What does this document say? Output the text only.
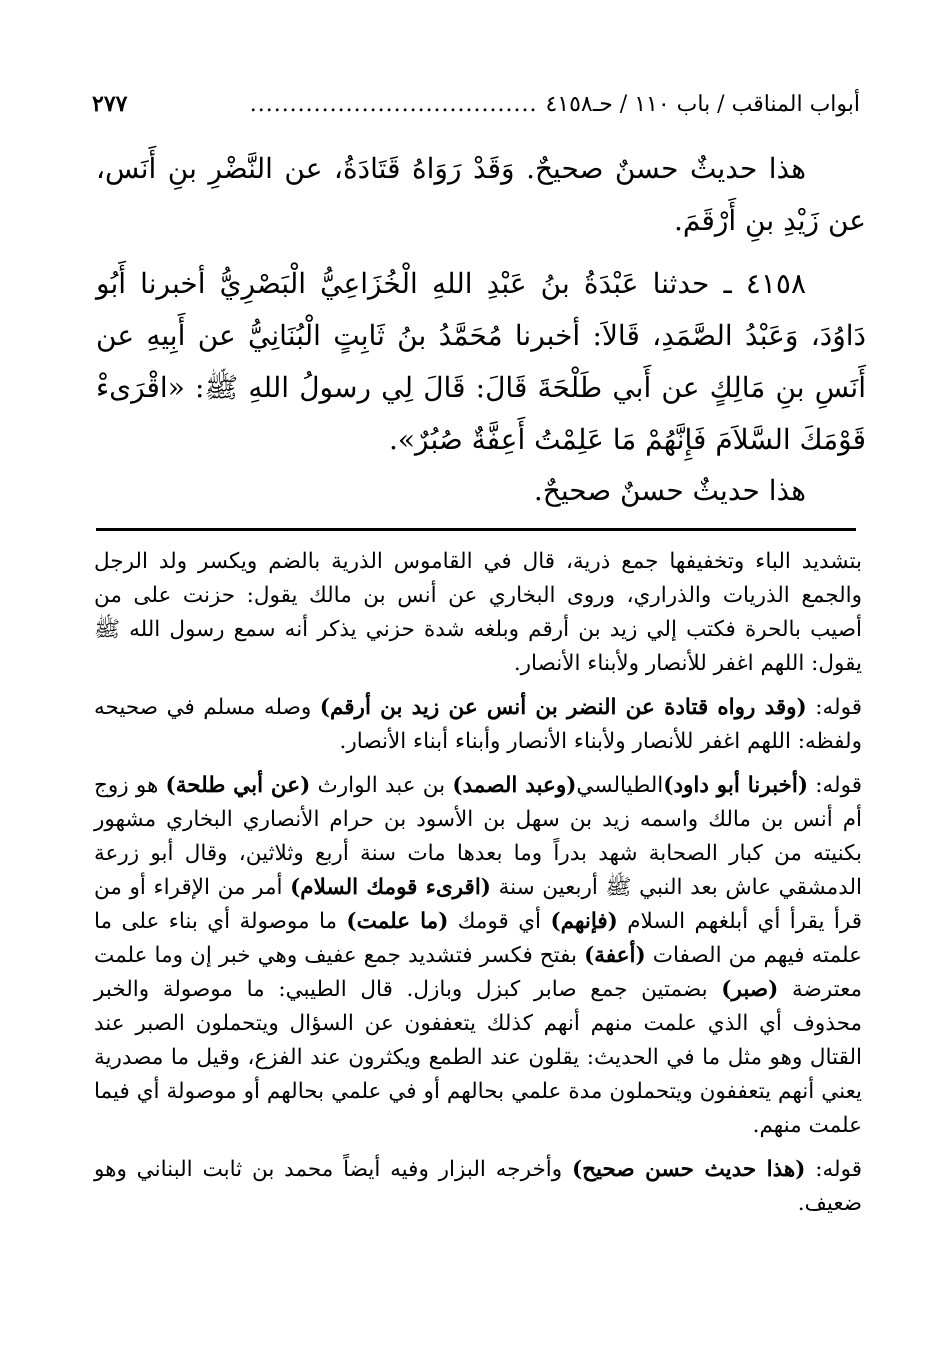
أبواب المناقب / باب ١١٠ / حـ٤١٥٨
....................................
٢٧٧
هذا حديثٌ حسنٌ صحيحٌ. وَقَدْ رَوَاهُ قَتَادَةُ، عن النَّضْرِ بنِ أَنَس، عن زَيْدِ بنِ أَرْقَمَ.
٤١٥٨ ـ حدثنا عَبْدَةُ بنُ عَبْدِ اللهِ الْخُزَاعِيُّ الْبَصْرِيُّ أخبرنا أَبُو دَاوُدَ، وَعَبْدُ الصَّمَدِ، قَالاَ: أخبرنا مُحَمَّدُ بنُ ثَابِتٍ الْبُنَانِيُّ عن أَبِيهِ عن أَنَسِ بنِ مَالِكٍ عن أَبي طَلْحَةَ قَالَ: قَالَ لِي رسولُ اللهِ ﷺ: «اقْرَىءْ قَوْمَكَ السَّلاَمَ فَإِنَّهُمْ مَا عَلِمْتُ أَعِفَّةٌ صُبُرٌ».
هذا حديثٌ حسنٌ صحيحٌ.

بتشديد الباء وتخفيفها جمع ذرية، قال في القاموس الذرية بالضم ويكسر ولد الرجل والجمع الذريات والذراري، وروى البخاري عن أنس بن مالك يقول: حزنت على من أصيب بالحرة فكتب إلي زيد بن أرقم وبلغه شدة حزني يذكر أنه سمع رسول الله ﷺ يقول: اللهم اغفر للأنصار ولأبناء الأنصار.

قوله: (وقد رواه قتادة عن النضر بن أنس عن زيد بن أرقم) وصله مسلم في صحيحه ولفظه: اللهم اغفر للأنصار ولأبناء الأنصار وأبناء أبناء الأنصار.

قوله: (أخبرنا أبو داود)الطيالسي(وعبد الصمد) بن عبد الوارث (عن أبي طلحة) هو زوج أم أنس بن مالك واسمه زيد بن سهل بن الأسود بن حرام الأنصاري البخاري مشهور بكنيته من كبار الصحابة شهد بدراً وما بعدها مات سنة أربع وثلاثين، وقال أبو زرعة الدمشقي عاش بعد النبي ﷺ أربعين سنة (اقرىء قومك السلام) أمر من الإقراء أو من قرأ يقرأ أي أبلغهم السلام (فإنهم) أي قومك (ما علمت) ما موصولة أي بناء على ما علمته فيهم من الصفات (أعفة) بفتح فكسر فتشديد جمع عفيف وهي خبر إن وما علمت معترضة (صبر) بضمتين جمع صابر كبزل وبازل. قال الطيبي: ما موصولة والخبر محذوف أي الذي علمت منهم أنهم كذلك يتعففون عن السؤال ويتحملون الصبر عند القتال وهو مثل ما في الحديث: يقلون عند الطمع ويكثرون عند الفزع، وقيل ما مصدرية يعني أنهم يتعففون ويتحملون مدة علمي بحالهم أو في علمي بحالهم أو موصولة أي فيما علمت منهم.

قوله: (هذا حديث حسن صحيح) وأخرجه البزار وفيه أيضاً محمد بن ثابت البناني وهو ضعيف.
